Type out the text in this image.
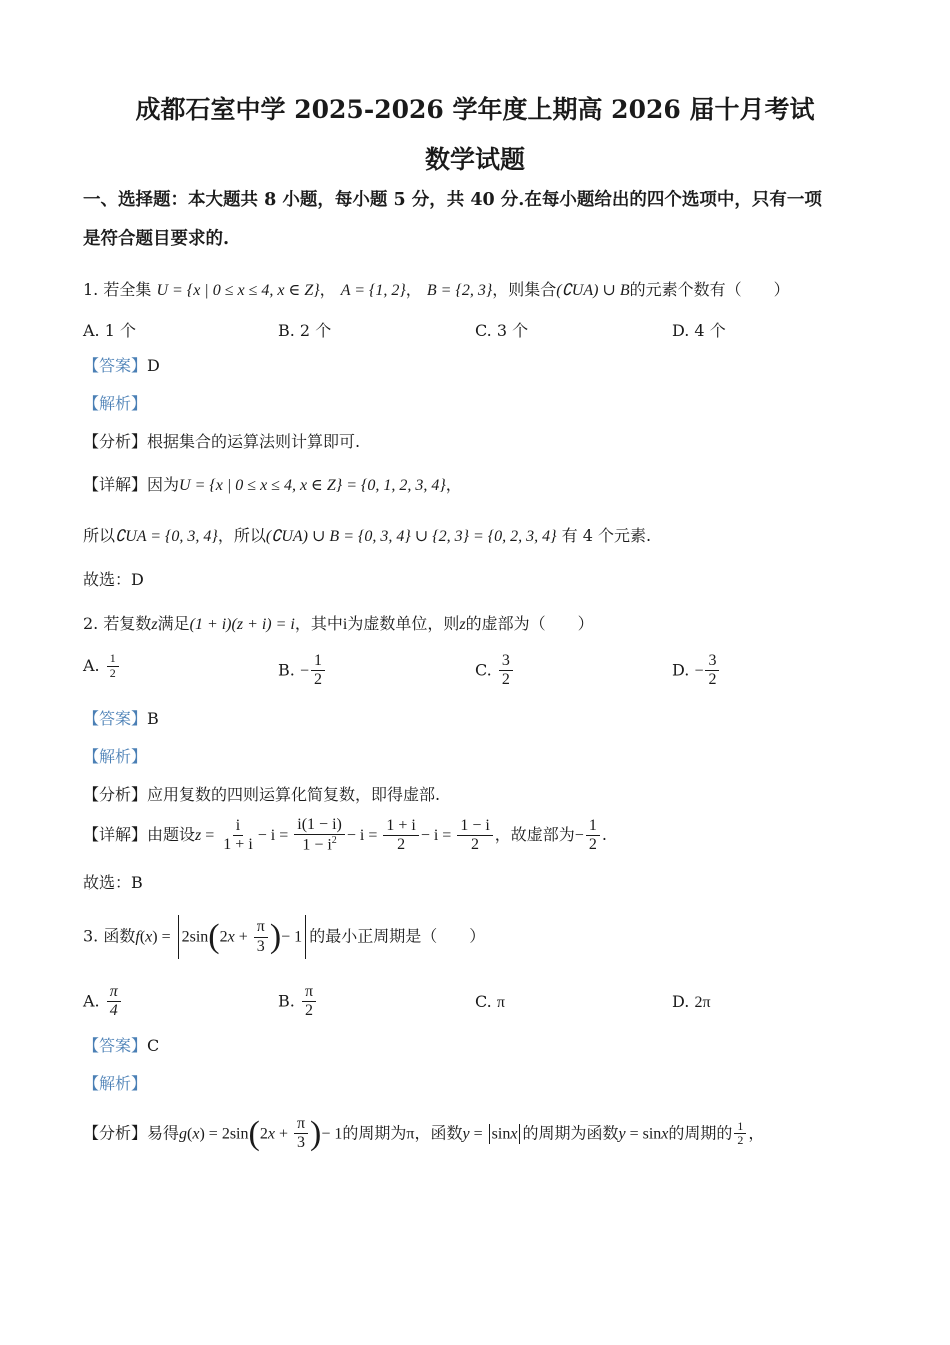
成都石室中学 2025-2026 学年度上期高 2026 届十月考试
数学试题
一、选择题：本大题共 8 小题，每小题 5 分，共 40 分.在每小题给出的四个选项中，只有一项
是符合题目要求的.
1. 若全集 U = {x | 0 ≤ x ≤ 4, x ∈ Z}， A = {1, 2}， B = {2, 3}，则集合(∁UA) ∪ B的元素个数有（　　）
A. 1 个	B. 2 个	C. 3 个	D. 4 个
【答案】D
【解析】
【分析】根据集合的运算法则计算即可.
【详解】因为U = {x | 0 ≤ x ≤ 4, x ∈ Z} = {0, 1, 2, 3, 4}，
所以∁UA = {0, 3, 4}，所以(∁UA) ∪ B = {0, 3, 4} ∪ {2, 3} = {0, 2, 3, 4} 有 4 个元素.
故选：D
2. 若复数z满足(1 + i)(z + i) = i，其中i为虚数单位，则z的虚部为（　　）
A. $\frac{1}{2}$	B. − $\frac{1}{2}$	C. $\frac{3}{2}$	D. − $\frac{3}{2}$
【答案】B
【解析】
【分析】应用复数的四则运算化简复数，即得虚部.
【详解】由题设$z = \frac{i}{1 + i} - i = \frac{i(1 - i)}{1 - i^2} - i = \frac{1 + i}{2} - i = \frac{1 - i}{2}$ ，故虚部为− $\frac{1}{2}$ .
故选：B
3. 函数$f(x) = 2\sin(2x + \frac{\pi}{3}$ )− 1 的最小正周期是（　　）
A. $\frac{\pi}{4}$	B. $\frac{\pi}{2}$	C. π	D. 2π
【答案】C
【解析】
【分析】易得$g(x) = 2\sin(2x + \frac{\pi}{3}$ )− 1的周期为π，函数y = sinx 的周期为函数y = sinx的周期的 $\frac{1}{2}$ ，
